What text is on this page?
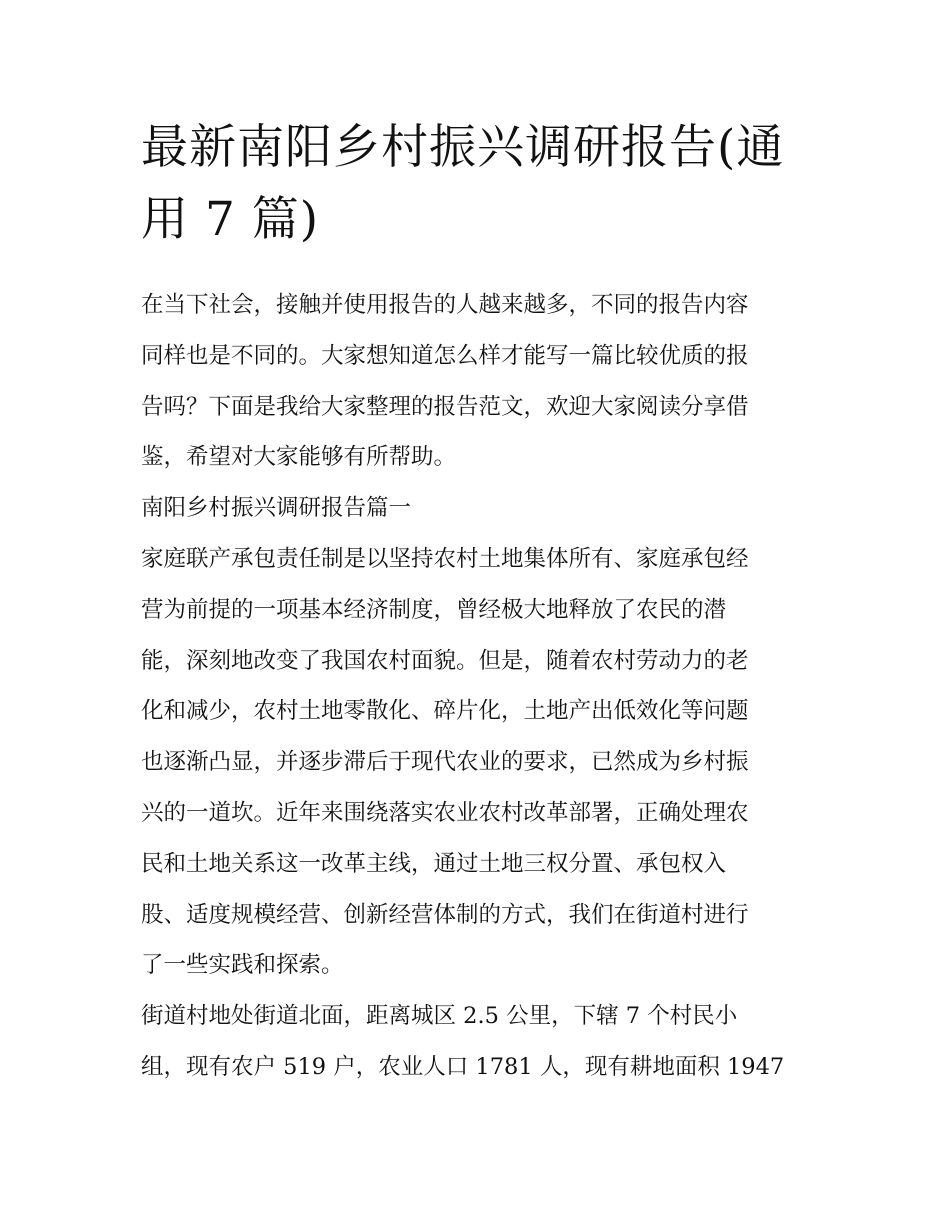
最新南阳乡村振兴调研报告(通
用 7 篇)

在当下社会，接触并使用报告的人越来越多，不同的报告内容
同样也是不同的。大家想知道怎么样才能写一篇比较优质的报
告吗？下面是我给大家整理的报告范文，欢迎大家阅读分享借
鉴，希望对大家能够有所帮助。

南阳乡村振兴调研报告篇一

家庭联产承包责任制是以坚持农村土地集体所有、家庭承包经
营为前提的一项基本经济制度，曾经极大地释放了农民的潜
能，深刻地改变了我国农村面貌。但是，随着农村劳动力的老
化和减少，农村土地零散化、碎片化，土地产出低效化等问题
也逐渐凸显，并逐步滞后于现代农业的要求，已然成为乡村振
兴的一道坎。近年来围绕落实农业农村改革部署，正确处理农
民和土地关系这一改革主线，通过土地三权分置、承包权入
股、适度规模经营、创新经营体制的方式，我们在街道村进行
了一些实践和探索。

街道村地处街道北面，距离城区 2.5 公里，下辖 7 个村民小
组，现有农户 519 户，农业人口 1781 人，现有耕地面积 1947
